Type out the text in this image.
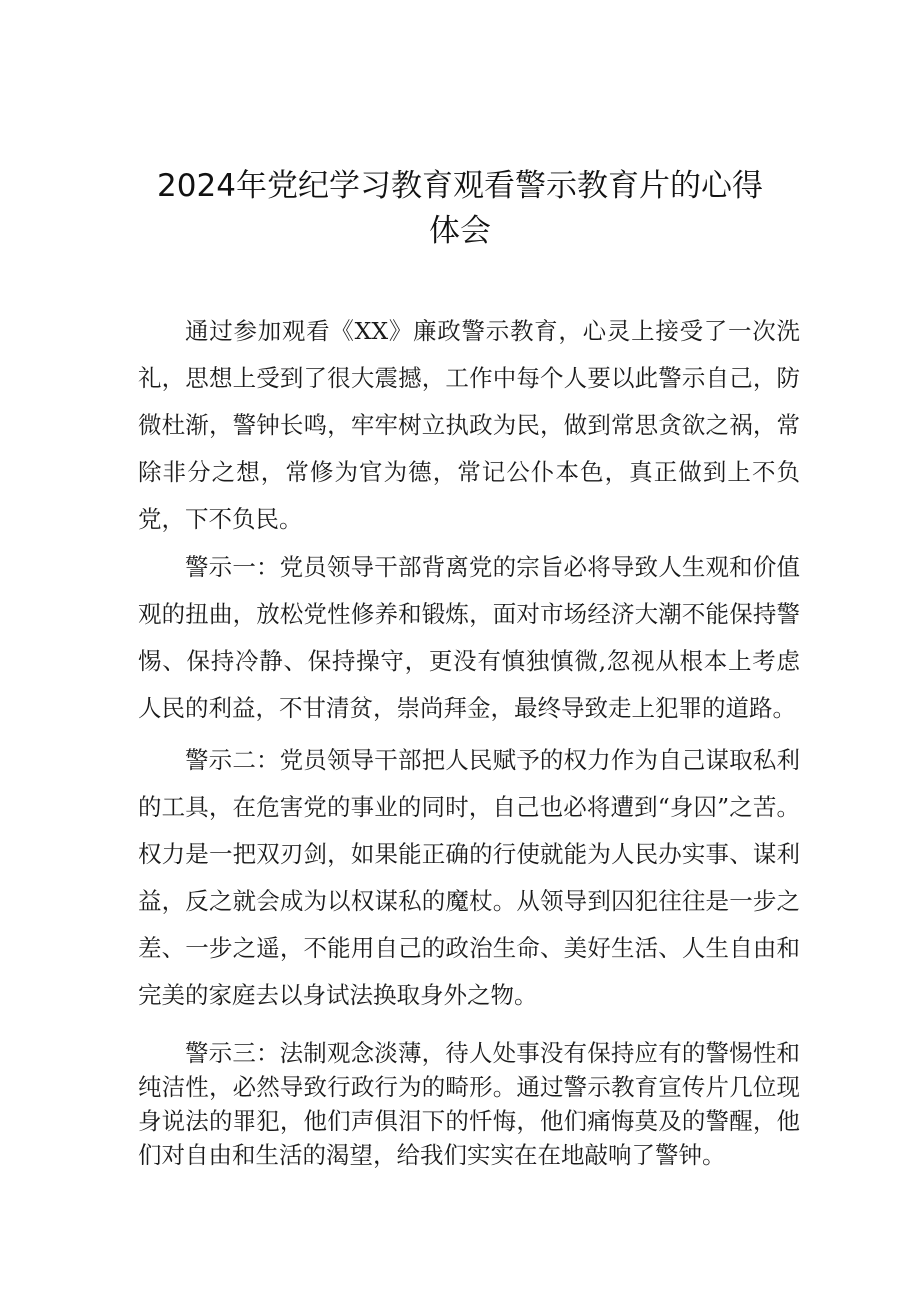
2024年党纪学习教育观看警示教育片的心得体会

通过参加观看《XX》廉政警示教育，心灵上接受了一次洗礼，思想上受到了很大震撼，工作中每个人要以此警示自己，防微杜渐，警钟长鸣，牢牢树立执政为民，做到常思贪欲之祸，常除非分之想，常修为官为德，常记公仆本色，真正做到上不负党，下不负民。

警示一：党员领导干部背离党的宗旨必将导致人生观和价值观的扭曲，放松党性修养和锻炼，面对市场经济大潮不能保持警惕、保持冷静、保持操守，更没有慎独慎微,忽视从根本上考虑人民的利益，不甘清贫，崇尚拜金，最终导致走上犯罪的道路。

警示二：党员领导干部把人民赋予的权力作为自己谋取私利的工具，在危害党的事业的同时，自己也必将遭到“身囚”之苦。权力是一把双刃剑，如果能正确的行使就能为人民办实事、谋利益，反之就会成为以权谋私的魔杖。从领导到囚犯往往是一步之差、一步之遥，不能用自己的政治生命、美好生活、人生自由和完美的家庭去以身试法换取身外之物。

警示三：法制观念淡薄，待人处事没有保持应有的警惕性和纯洁性，必然导致行政行为的畸形。通过警示教育宣传片几位现身说法的罪犯，他们声俱泪下的忏悔，他们痛悔莫及的警醒，他们对自由和生活的渴望，给我们实实在在地敲响了警钟。
